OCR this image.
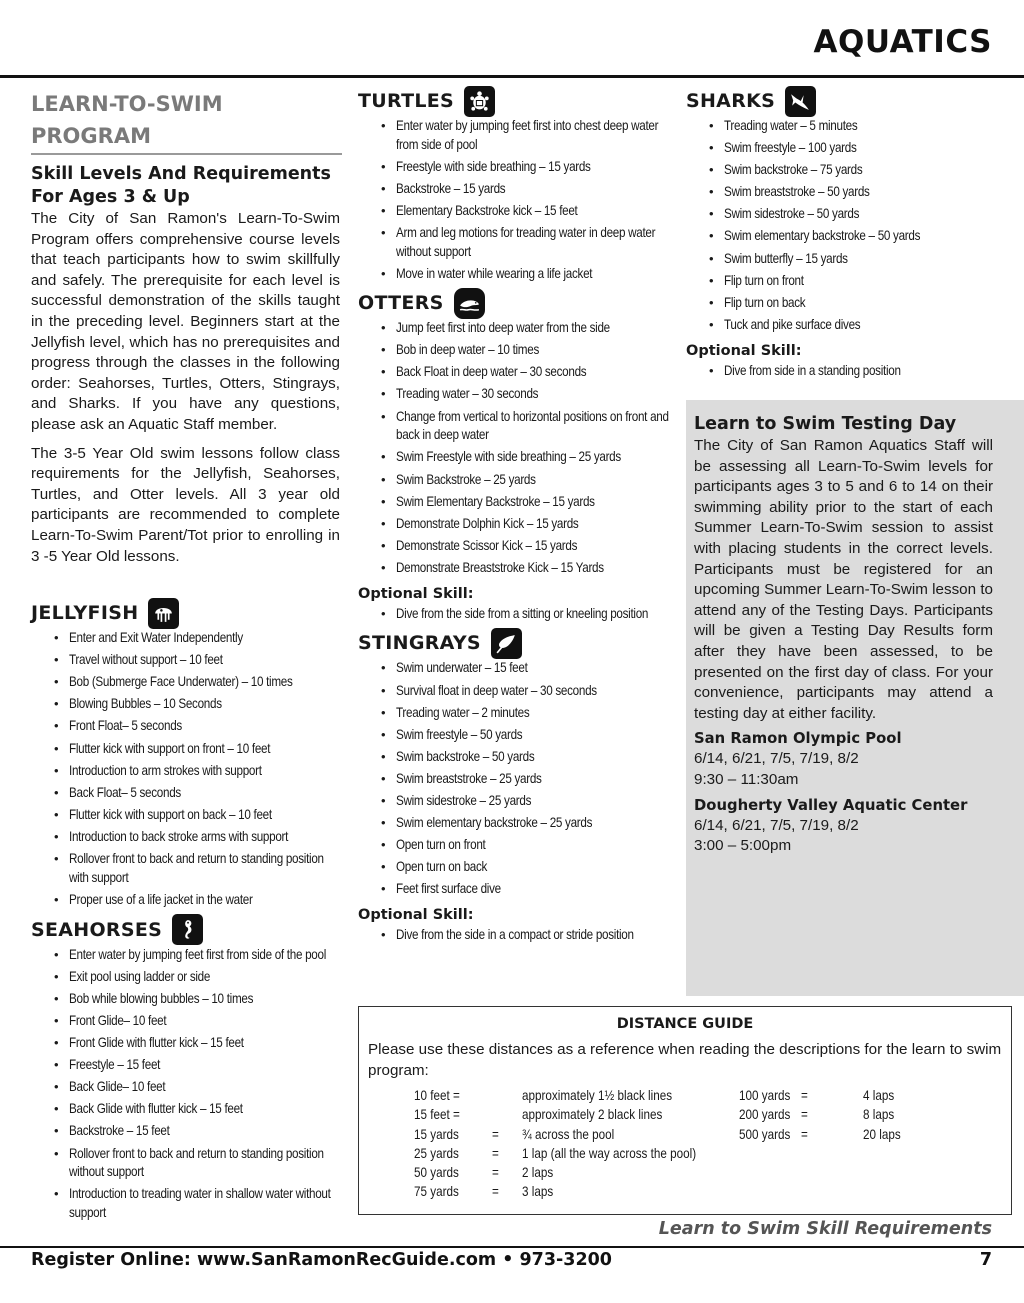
AQUATICS
LEARN-TO-SWIM PROGRAM
Skill Levels And Requirements
For Ages 3 & Up

The City of San Ramon's Learn-To-Swim Program offers comprehensive course levels that teach participants how to swim skillfully and safely. The prerequisite for each level is successful demonstration of the skills taught in the preceding level. Beginners start at the Jellyfish level, which has no prerequisites and progress through the classes in the following order: Seahorses, Turtles, Otters, Stingrays, and Sharks. If you have any questions, please ask an Aquatic Staff member.

The 3-5 Year Old swim lessons follow class requirements for the Jellyfish, Seahorses, Turtles, and Otter levels. All 3 year old participants are recommended to complete Learn-To-Swim Parent/Tot prior to enrolling in 3 -5 Year Old lessons.

JELLYFISH
• Enter and Exit Water Independently
• Travel without support – 10 feet
• Bob (Submerge Face Underwater) – 10 times
• Blowing Bubbles – 10 Seconds
• Front Float– 5 seconds
• Flutter kick with support on front – 10 feet
• Introduction to arm strokes with support
• Back Float– 5 seconds
• Flutter kick with support on back – 10 feet
• Introduction to back stroke arms with support
• Rollover front to back and return to standing position with support
• Proper use of a life jacket in the water
SEAHORSES
• Enter water by jumping feet first from side of the pool
• Exit pool using ladder or side
• Bob while blowing bubbles – 10 times
• Front Glide– 10 feet
• Front Glide with flutter kick – 15 feet
• Freestyle – 15 feet
• Back Glide– 10 feet
• Back Glide with flutter kick – 15 feet
• Backstroke – 15 feet
• Rollover front to back and return to standing position without support
• Introduction to treading water in shallow water without support
TURTLES
• Enter water by jumping feet first into chest deep water from side of pool
• Freestyle with side breathing – 15 yards
• Backstroke – 15 yards
• Elementary Backstroke kick – 15 feet
• Arm and leg motions for treading water in deep water without support
• Move in water while wearing a life jacket
OTTERS
• Jump feet first into deep water from the side
• Bob in deep water – 10 times
• Back Float in deep water – 30 seconds
• Treading water – 30 seconds
• Change from vertical to horizontal positions on front and back in deep water
• Swim Freestyle with side breathing – 25 yards
• Swim Backstroke – 25 yards
• Swim Elementary Backstroke – 15 yards
• Demonstrate Dolphin Kick – 15 yards
• Demonstrate Scissor Kick – 15 yards
• Demonstrate Breaststroke Kick – 15 Yards
Optional Skill:
• Dive from the side from a sitting or kneeling position
STINGRAYS
• Swim underwater – 15 feet
• Survival float in deep water – 30 seconds
• Treading water – 2 minutes
• Swim freestyle – 50 yards
• Swim backstroke – 50 yards
• Swim breaststroke – 25 yards
• Swim sidestroke – 25 yards
• Swim elementary backstroke – 25 yards
• Open turn on front
• Open turn on back
• Feet first surface dive
Optional Skill:
• Dive from the side in a compact or stride position
SHARKS
• Treading water – 5 minutes
• Swim freestyle – 100 yards
• Swim backstroke – 75 yards
• Swim breaststroke – 50 yards
• Swim sidestroke – 50 yards
• Swim elementary backstroke – 50 yards
• Swim butterfly – 15 yards
• Flip turn on front
• Flip turn on back
• Tuck and pike surface dives
Optional Skill:
• Dive from side in a standing position
Learn to Swim Testing Day

The City of San Ramon Aquatics Staff will be assessing all Learn-To-Swim levels for participants ages 3 to 5 and 6 to 14 on their swimming ability prior to the start of each Summer Learn-To-Swim session to assist with placing students in the correct levels. Participants must be registered for an upcoming Summer Learn-To-Swim lesson to attend any of the Testing Days. Participants will be given a Testing Day Results form after they have been assessed, to be presented on the first day of class. For your convenience, participants may attend a testing day at either facility.

San Ramon Olympic Pool
6/14, 6/21, 7/5, 7/19, 8/2
9:30 – 11:30am
Dougherty Valley Aquatic Center
6/14, 6/21, 7/5, 7/19, 8/2
3:00 – 5:00pm
DISTANCE GUIDE
Please use these distances as a reference when reading the descriptions for the learn to swim program:
10 feet =	approximately 1½ black lines
15 feet =	approximately 2 black lines
15 yards = ¾ across the pool
25 yards = 1 lap (all the way across the pool)
50 yards = 2 laps
75 yards = 3 laps
100 yards =	4 laps
200 yards =	8 laps
500 yards =	20 laps
Learn to Swim Skill Requirements
Register Online: www.SanRamonRecGuide.com • 973-3200	7
